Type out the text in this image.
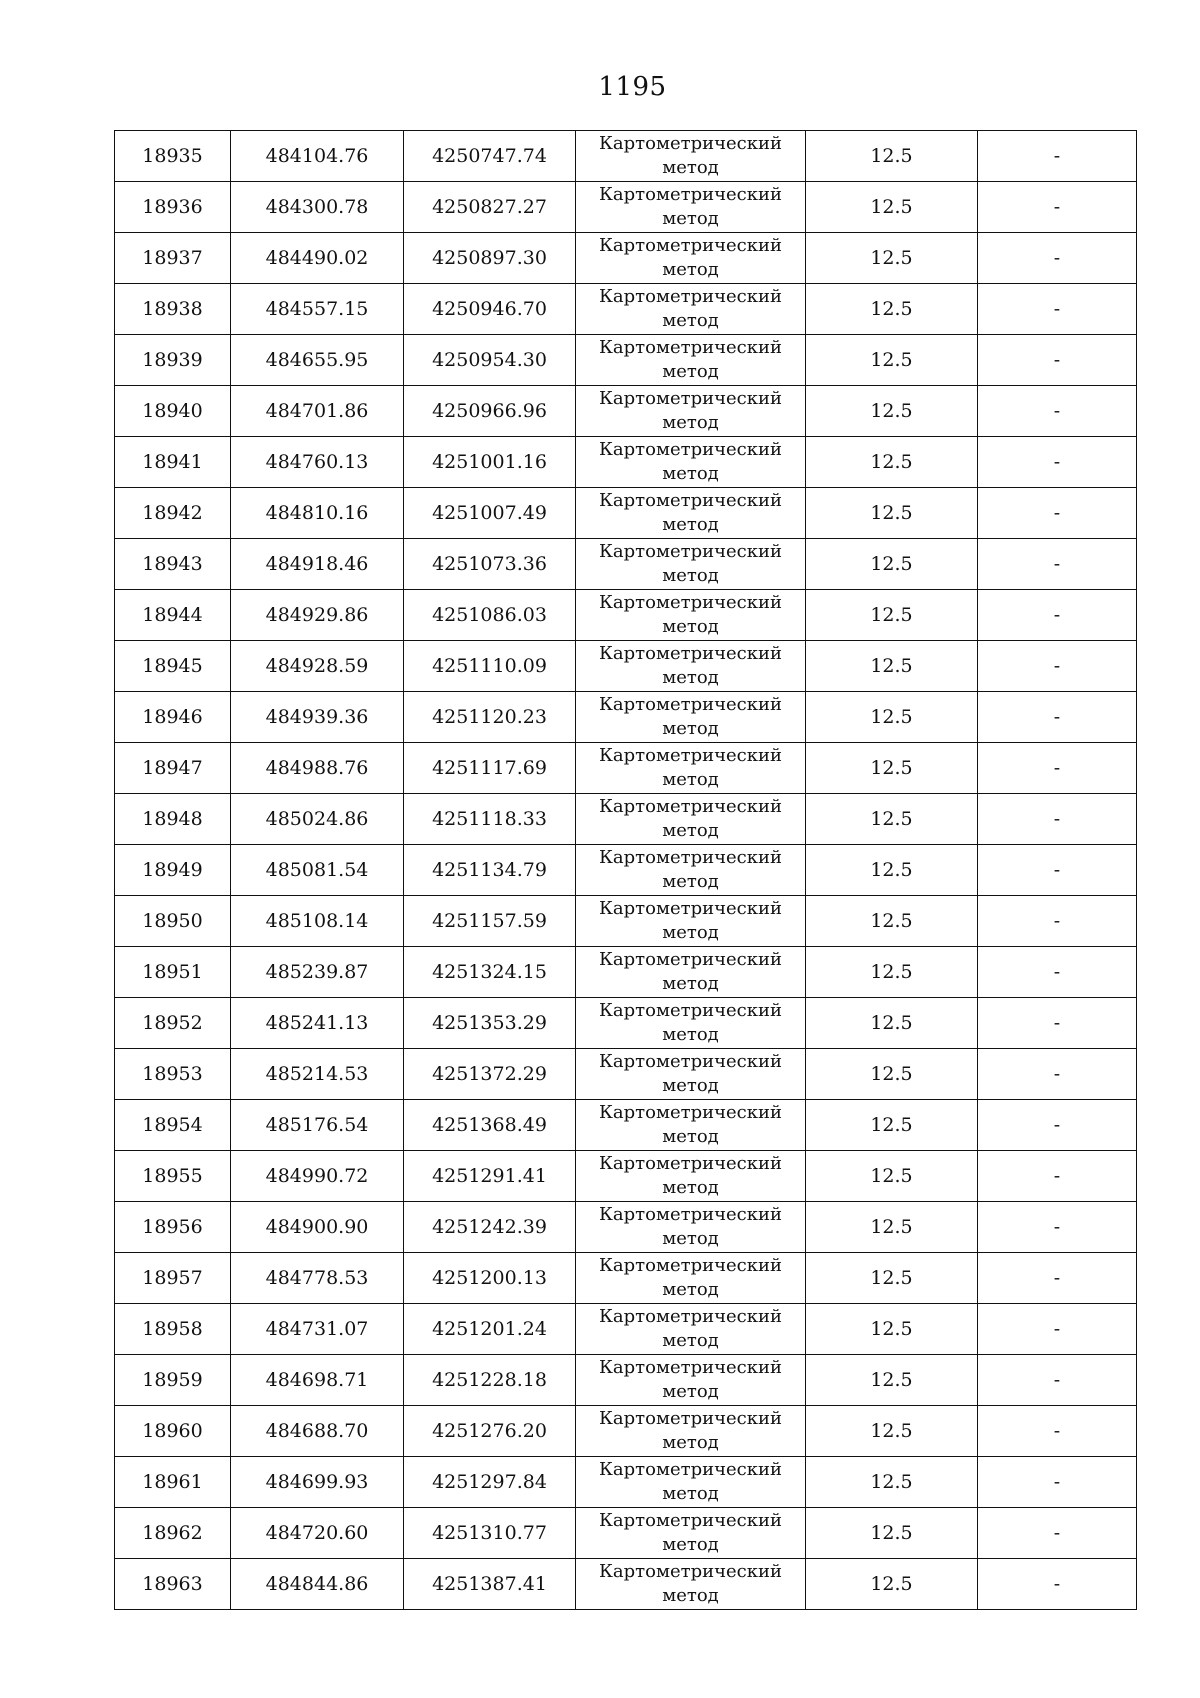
1195
18935	484104.76	4250747.74	Картометрический метод	12.5	-
18936	484300.78	4250827.27	Картометрический метод	12.5	-
18937	484490.02	4250897.30	Картометрический метод	12.5	-
18938	484557.15	4250946.70	Картометрический метод	12.5	-
18939	484655.95	4250954.30	Картометрический метод	12.5	-
18940	484701.86	4250966.96	Картометрический метод	12.5	-
18941	484760.13	4251001.16	Картометрический метод	12.5	-
18942	484810.16	4251007.49	Картометрический метод	12.5	-
18943	484918.46	4251073.36	Картометрический метод	12.5	-
18944	484929.86	4251086.03	Картометрический метод	12.5	-
18945	484928.59	4251110.09	Картометрический метод	12.5	-
18946	484939.36	4251120.23	Картометрический метод	12.5	-
18947	484988.76	4251117.69	Картометрический метод	12.5	-
18948	485024.86	4251118.33	Картометрический метод	12.5	-
18949	485081.54	4251134.79	Картометрический метод	12.5	-
18950	485108.14	4251157.59	Картометрический метод	12.5	-
18951	485239.87	4251324.15	Картометрический метод	12.5	-
18952	485241.13	4251353.29	Картометрический метод	12.5	-
18953	485214.53	4251372.29	Картометрический метод	12.5	-
18954	485176.54	4251368.49	Картометрический метод	12.5	-
18955	484990.72	4251291.41	Картометрический метод	12.5	-
18956	484900.90	4251242.39	Картометрический метод	12.5	-
18957	484778.53	4251200.13	Картометрический метод	12.5	-
18958	484731.07	4251201.24	Картометрический метод	12.5	-
18959	484698.71	4251228.18	Картометрический метод	12.5	-
18960	484688.70	4251276.20	Картометрический метод	12.5	-
18961	484699.93	4251297.84	Картометрический метод	12.5	-
18962	484720.60	4251310.77	Картометрический метод	12.5	-
18963	484844.86	4251387.41	Картометрический метод	12.5	-
